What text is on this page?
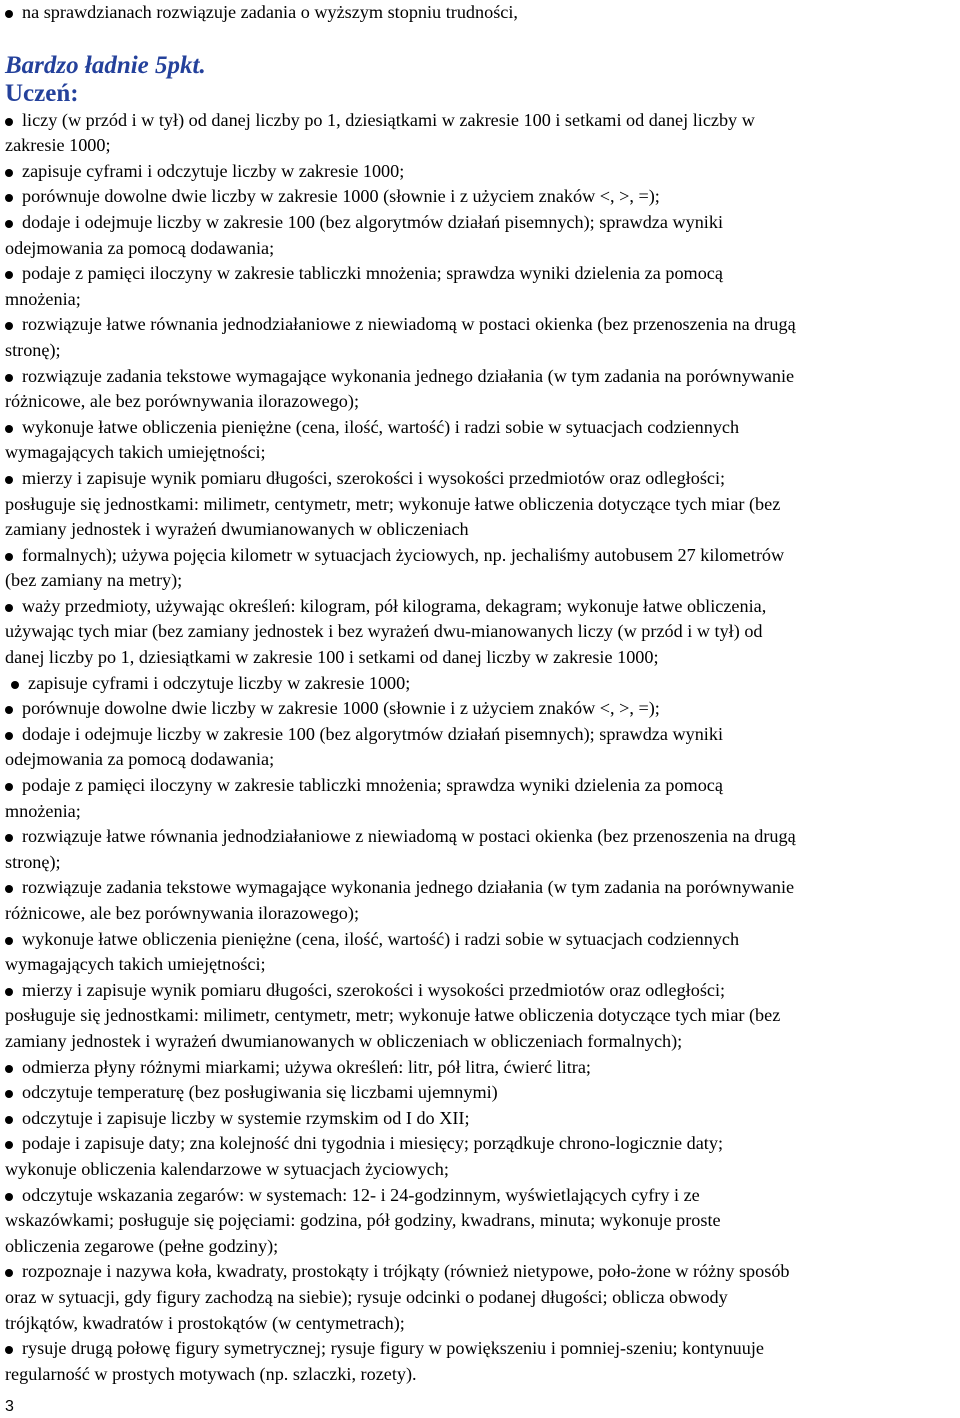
na sprawdzianach rozwiązuje zadania o wyższym stopniu trudności,

Bardzo ładnie 5pkt.
Uczeń:

liczy (w przód i w tył) od danej liczby po 1, dziesiątkami w zakresie 100 i setkami od danej liczby w

zakresie 1000;

zapisuje cyframi i odczytuje liczby w zakresie 1000;

porównuje dowolne dwie liczby w zakresie 1000 (słownie i z użyciem znaków <, >, =);

dodaje i odejmuje liczby w zakresie 100 (bez algorytmów działań pisemnych); sprawdza wyniki

odejmowania za pomocą dodawania;

podaje z pamięci iloczyny w zakresie tabliczki mnożenia; sprawdza wyniki dzielenia za pomocą

mnożenia;

rozwiązuje łatwe równania jednodziałaniowe z niewiadomą w postaci okienka (bez przenoszenia na drugą

stronę);

rozwiązuje zadania tekstowe wymagające wykonania jednego działania (w tym zadania na porównywanie

różnicowe, ale bez porównywania ilorazowego);

wykonuje łatwe obliczenia pieniężne (cena, ilość, wartość) i radzi sobie w sytuacjach codziennych

wymagających takich umiejętności;

mierzy i zapisuje wynik pomiaru długości, szerokości i wysokości przedmiotów oraz odległości;

posługuje się jednostkami: milimetr, centymetr, metr; wykonuje łatwe obliczenia dotyczące tych miar (bez

zamiany jednostek i wyrażeń dwumianowanych w obliczeniach

formalnych); używa pojęcia kilometr w sytuacjach życiowych, np. jechaliśmy autobusem 27 kilometrów

(bez zamiany na metry);

waży przedmioty, używając określeń: kilogram, pół kilograma, dekagram; wykonuje łatwe obliczenia,

używając tych miar (bez zamiany jednostek i bez wyrażeń dwu-mianowanych liczy (w przód i w tył) od

danej liczby po 1, dziesiątkami w zakresie 100 i setkami od danej liczby w zakresie 1000;

zapisuje cyframi i odczytuje liczby w zakresie 1000;

porównuje dowolne dwie liczby w zakresie 1000 (słownie i z użyciem znaków <, >, =);

dodaje i odejmuje liczby w zakresie 100 (bez algorytmów działań pisemnych); sprawdza wyniki

odejmowania za pomocą dodawania;

podaje z pamięci iloczyny w zakresie tabliczki mnożenia; sprawdza wyniki dzielenia za pomocą

mnożenia;

rozwiązuje łatwe równania jednodziałaniowe z niewiadomą w postaci okienka (bez przenoszenia na drugą

stronę);

rozwiązuje zadania tekstowe wymagające wykonania jednego działania (w tym zadania na porównywanie

różnicowe, ale bez porównywania ilorazowego);

wykonuje łatwe obliczenia pieniężne (cena, ilość, wartość) i radzi sobie w sytuacjach codziennych

wymagających takich umiejętności;

mierzy i zapisuje wynik pomiaru długości, szerokości i wysokości przedmiotów oraz odległości;

posługuje się jednostkami: milimetr, centymetr, metr; wykonuje łatwe obliczenia dotyczące tych miar (bez

zamiany jednostek i wyrażeń dwumianowanych w obliczeniach w obliczeniach formalnych);

odmierza płyny różnymi miarkami; używa określeń: litr, pół litra, ćwierć litra;

odczytuje temperaturę (bez posługiwania się liczbami ujemnymi)

odczytuje i zapisuje liczby w systemie rzymskim od I do XII;

podaje i zapisuje daty; zna kolejność dni tygodnia i miesięcy; porządkuje chrono-logicznie daty;

wykonuje obliczenia kalendarzowe w sytuacjach życiowych;

odczytuje wskazania zegarów: w systemach: 12- i 24-godzinnym, wyświetlających cyfry i ze

wskazówkami; posługuje się pojęciami: godzina, pół godziny, kwadrans, minuta; wykonuje proste

obliczenia zegarowe (pełne godziny);

rozpoznaje i nazywa koła, kwadraty, prostokąty i trójkąty (również nietypowe, poło-żone w różny sposób

oraz w sytuacji, gdy figury zachodzą na siebie); rysuje odcinki o podanej długości; oblicza obwody

trójkątów, kwadratów i prostokątów (w centymetrach);

rysuje drugą połowę figury symetrycznej; rysuje figury w powiększeniu i pomniej-szeniu; kontynuuje

regularność w prostych motywach (np. szlaczki, rozety).

3
